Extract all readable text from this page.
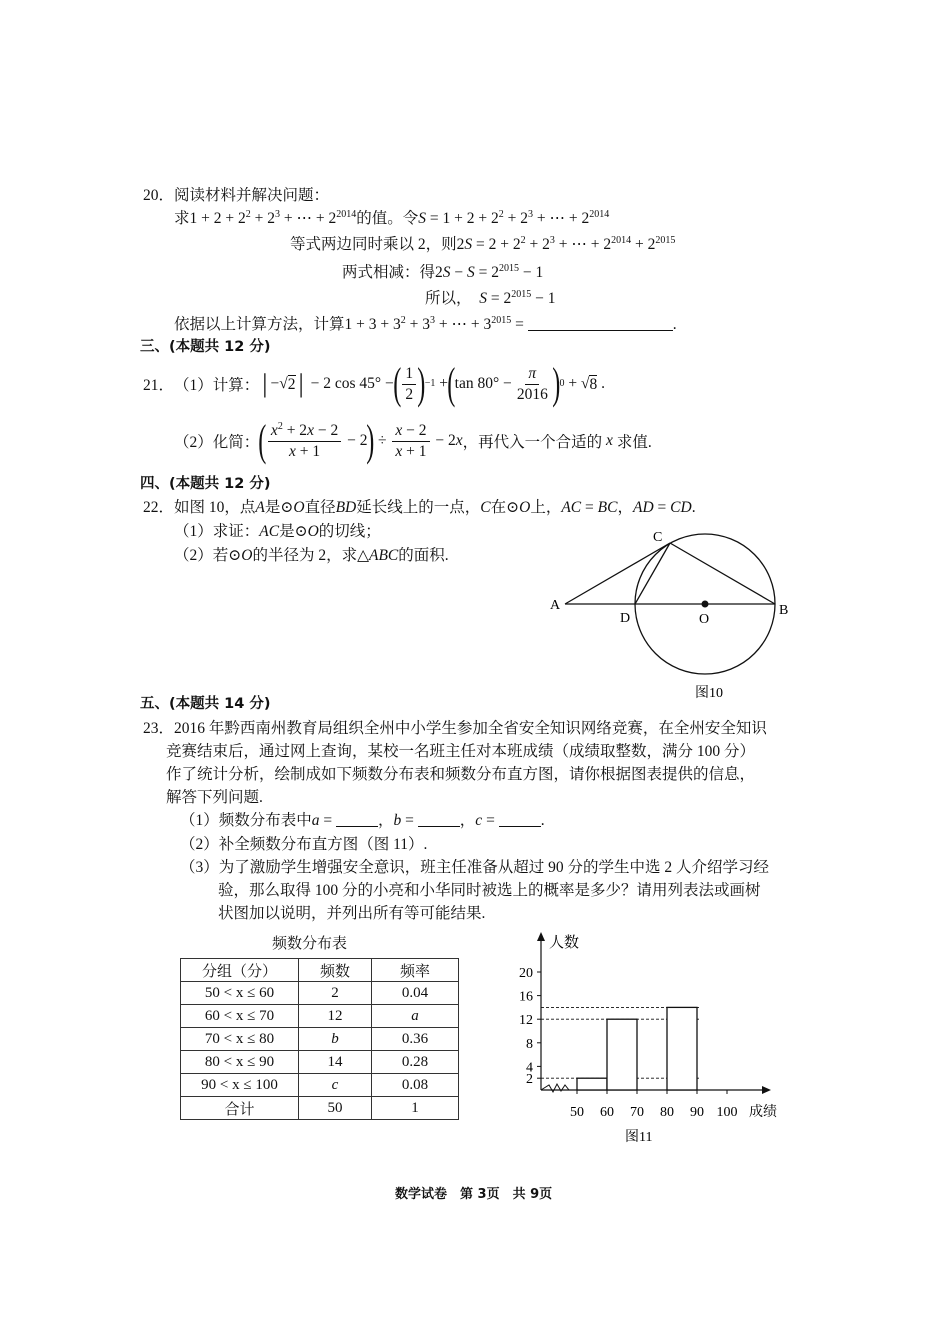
20．阅读材料并解决问题：
求$1 + 2 + 2^2 + 2^3$ + ⋯ + $2^{2014}$的值。令$S = 1 + 2 + 2^2 + 2^3$ + ⋯ + $2^{2014}$
等式两边同时乘以 2，则$2S = 2 + 2^2 + 2^3$ + ⋯ + $2^{2014} + 2^{2015}$
两式相减：得$2S - S = 2^{2015} - 1$
所以， $S = 2^{2015} - 1$
依据以上计算方法，计算$1 + 3 + 3^2 + 3^3$ + ⋯ + $3^{2015}$ =	.
三、(本题共 12 分)
21． （1）计算： | −√ 2 | − 2 cos 45° − ( $\frac{1}{2}$ ) −1 + ( $\tan 80^\circ - \frac{\pi}{2016}$ ) 0 + √ 8 .
（2）化简： ( $\frac{x^2 + 2x - 2}{x + 1} - 2$ ) ÷ $\frac{x - 2}{x + 1} - 2$ x ，再代入一个合适的
x
求值.
四、(本题共 12 分)
22．如图 10，点A是⊙O直径BD延长线上的一点，C在⊙O上，AC = BC，AD = CD.
（1）求证：AC是⊙O的切线；
（2）若⊙O的半径为 2，求△ABC的面积.
A
C
D	O
B
图10
五、(本题共 14 分)
23． 2016 年黔西南州教育局组织全州中小学生参加全省安全知识网络竞赛，在全州安全知识
竞赛结束后，通过网上查询，某校一名班主任对本班成绩（成绩取整数，满分 100 分）
作了统计分析，绘制成如下频数分布表和频数分布直方图，请你根据图表提供的信息，
解答下列问题.
（1）频数分布表中a =	，b =	，c =	.
（2）补全频数分布直方图（图 11）.
（3）为了激励学生增强安全意识，班主任准备从超过 90 分的学生中选 2 人介绍学习经
验，那么取得 100 分的小亮和小华同时被选上的概率是多少？请用列表法或画树
状图加以说明，并列出所有等可能结果.
频数分布表
分组（分）	频数	频率
50 < x ≤ 60	2	0.04
60 < x ≤ 70	12	a
70 < x ≤ 80	b	0.36
80 < x ≤ 90	14	0.28
90 < x ≤ 100	c	0.08
合计	50	1
2
4
8
12
16
20
50 60 70 80 90 100
人数
成绩
图11
数学试卷　第 3页　共 9页
